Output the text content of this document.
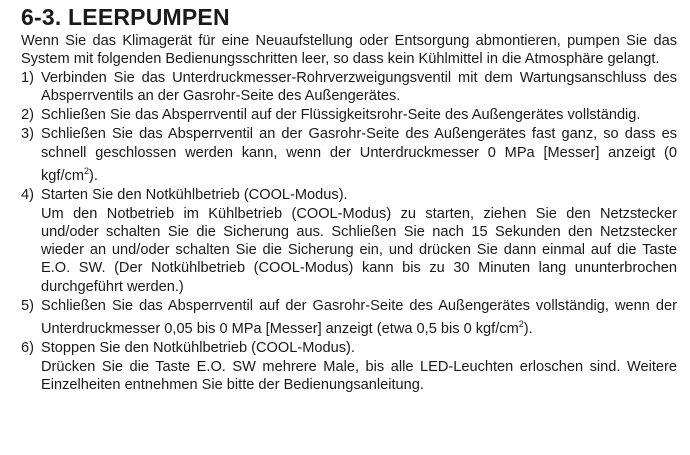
6-3. LEERPUMPEN

Wenn Sie das Klimagerät für eine Neuaufstellung oder Entsorgung abmontieren, pumpen Sie das System mit folgenden Bedienungsschritten leer, so dass kein Kühlmittel in die Atmosphäre gelangt.

1) Verbinden Sie das Unterdruckmesser-Rohrverzweigungsventil mit dem Wartungsanschluss des Absperrventils an der Gasrohr-Seite des Außengerätes.

2) Schließen Sie das Absperrventil auf der Flüssigkeitsrohr-Seite des Außengerätes vollständig.

3) Schließen Sie das Absperrventil an der Gasrohr-Seite des Außengerätes fast ganz, so dass es schnell geschlossen werden kann, wenn der Unterdruckmesser 0 MPa [Messer] anzeigt (0 kgf/$cm^2$).

4) Starten Sie den Notkühlbetrieb (COOL-Modus).

Um den Notbetrieb im Kühlbetrieb (COOL-Modus) zu starten, ziehen Sie den Netzstecker und/oder schalten Sie die Sicherung aus. Schließen Sie nach 15 Sekunden den Netzstecker wieder an und/oder schalten Sie die Sicherung ein, und drücken Sie dann einmal auf die Taste E.O. SW. (Der Notkühlbetrieb (COOL-Modus) kann bis zu 30 Minuten lang ununterbrochen durchgeführt werden.)

5) Schließen Sie das Absperrventil auf der Gasrohr-Seite des Außengerätes vollständig, wenn der Unterdruckmesser 0,05 bis 0 MPa [Messer] anzeigt (etwa 0,5 bis 0 kgf/$cm^2$).

6) Stoppen Sie den Notkühlbetrieb (COOL-Modus).

Drücken Sie die Taste E.O. SW mehrere Male, bis alle LED-Leuchten erloschen sind. Weitere Einzelheiten entnehmen Sie bitte der Bedienungsanleitung.
